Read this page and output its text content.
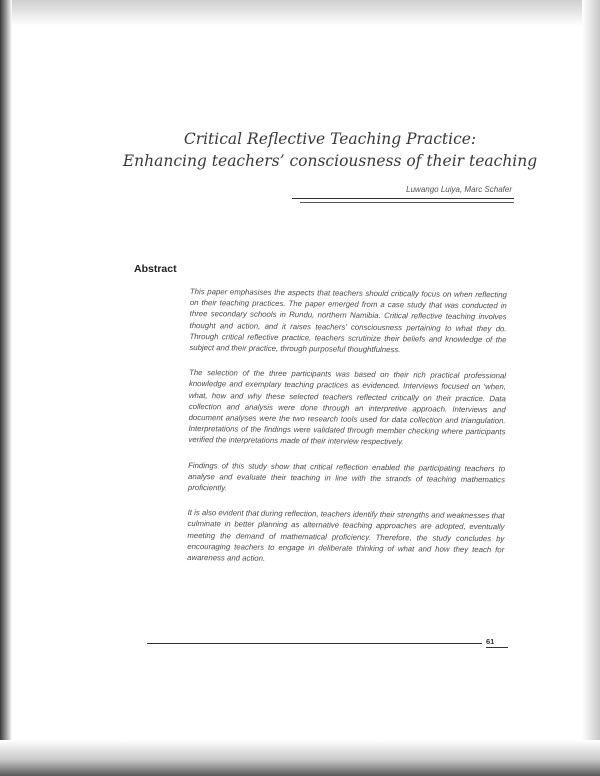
Critical Reflective Teaching Practice:
Enhancing teachers’ consciousness of their teaching
Luwango Luiya, Marc Schafer
Abstract

This paper emphasises the aspects that teachers should critically focus on when reflecting on their teaching practices. The paper emerged from a case study that was conducted in three secondary schools in Rundu, northern Namibia. Critical reflective teaching involves thought and action, and it raises teachers’ consciousness pertaining to what they do. Through critical reflective practice, teachers scrutinize their beliefs and knowledge of the subject and their practice, through purposeful thoughtfulness.

The selection of the three participants was based on their rich practical professional knowledge and exemplary teaching practices as evidenced. Interviews focused on ‘when, what, how and why these selected teachers reflected critically on their practice. Data collection and analysis were done through an interpretive approach. Interviews and document analyses were the two research tools used for data collection and triangulation. Interpretations of the findings were validated through member checking where participants verified the interpretations made of their interview respectively.

Findings of this study show that critical reflection enabled the participating teachers to analyse and evaluate their teaching in line with the strands of teaching mathematics proficiently.

It is also evident that during reflection, teachers identify their strengths and weaknesses that culminate in better planning as alternative teaching approaches are adopted, eventually meeting the demand of mathematical proficiency. Therefore, the study concludes by encouraging teachers to engage in deliberate thinking of what and how they teach for awareness and action.

61
